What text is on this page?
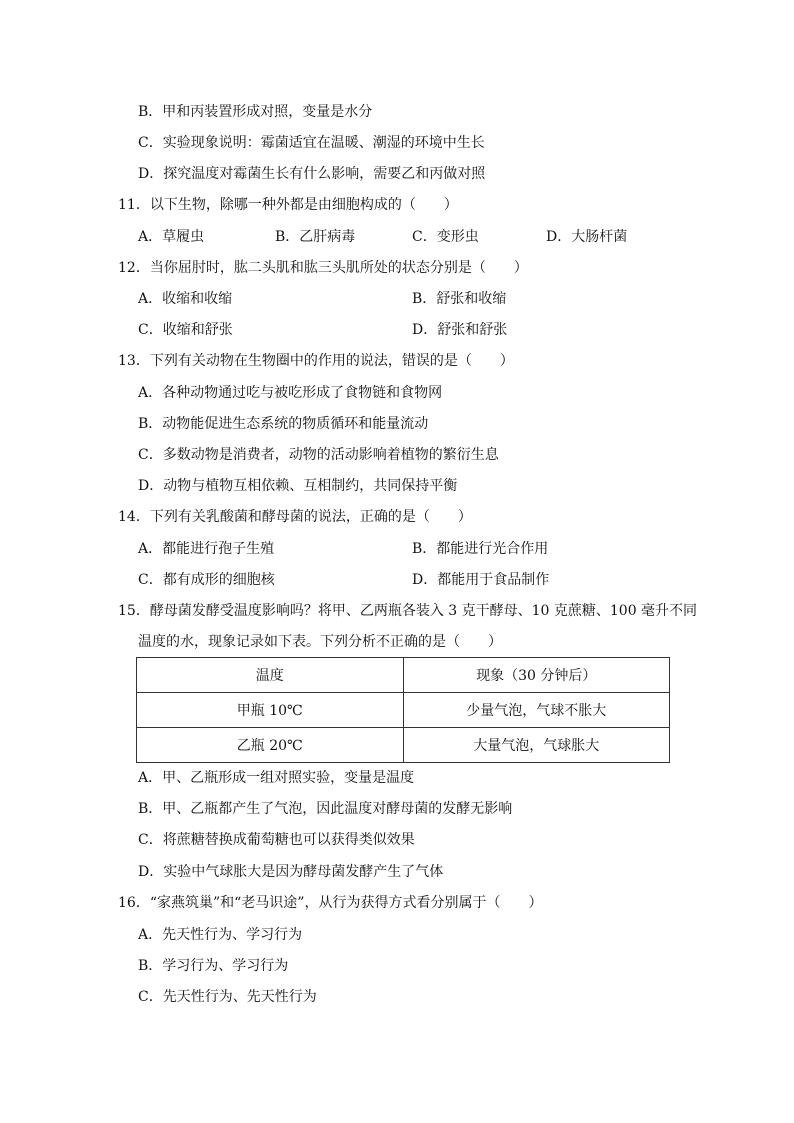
B．甲和丙装置形成对照，变量是水分
C．实验现象说明：霉菌适宜在温暖、潮湿的环境中生长
D．探究温度对霉菌生长有什么影响，需要乙和丙做对照
11．以下生物，除哪一种外都是由细胞构成的（　　）
A．草履虫	B．乙肝病毒	C．变形虫	D．大肠杆菌
12．当你屈肘时，肱二头肌和肱三头肌所处的状态分别是（　　）
A．收缩和收缩	B．舒张和收缩
C．收缩和舒张	D．舒张和舒张
13．下列有关动物在生物圈中的作用的说法，错误的是（　　）
A．各种动物通过吃与被吃形成了食物链和食物网
B．动物能促进生态系统的物质循环和能量流动
C．多数动物是消费者，动物的活动影响着植物的繁衍生息
D．动物与植物互相依赖、互相制约，共同保持平衡
14．下列有关乳酸菌和酵母菌的说法，正确的是（　　）
A．都能进行孢子生殖	B．都能进行光合作用
C．都有成形的细胞核	D．都能用于食品制作
15．酵母菌发酵受温度影响吗？将甲、乙两瓶各装入 3 克干酵母、10 克蔗糖、100 毫升不同
温度的水，现象记录如下表。下列分析不正确的是（　　）
温度	现象（30 分钟后）
甲瓶 10℃	少量气泡，气球不胀大
乙瓶 20℃	大量气泡，气球胀大
A．甲、乙瓶形成一组对照实验，变量是温度
B．甲、乙瓶都产生了气泡，因此温度对酵母菌的发酵无影响
C．将蔗糖替换成葡萄糖也可以获得类似效果
D．实验中气球胀大是因为酵母菌发酵产生了气体
16．“家燕筑巢”和“老马识途”，从行为获得方式看分别属于（　　）
A．先天性行为、学习行为
B．学习行为、学习行为
C．先天性行为、先天性行为
